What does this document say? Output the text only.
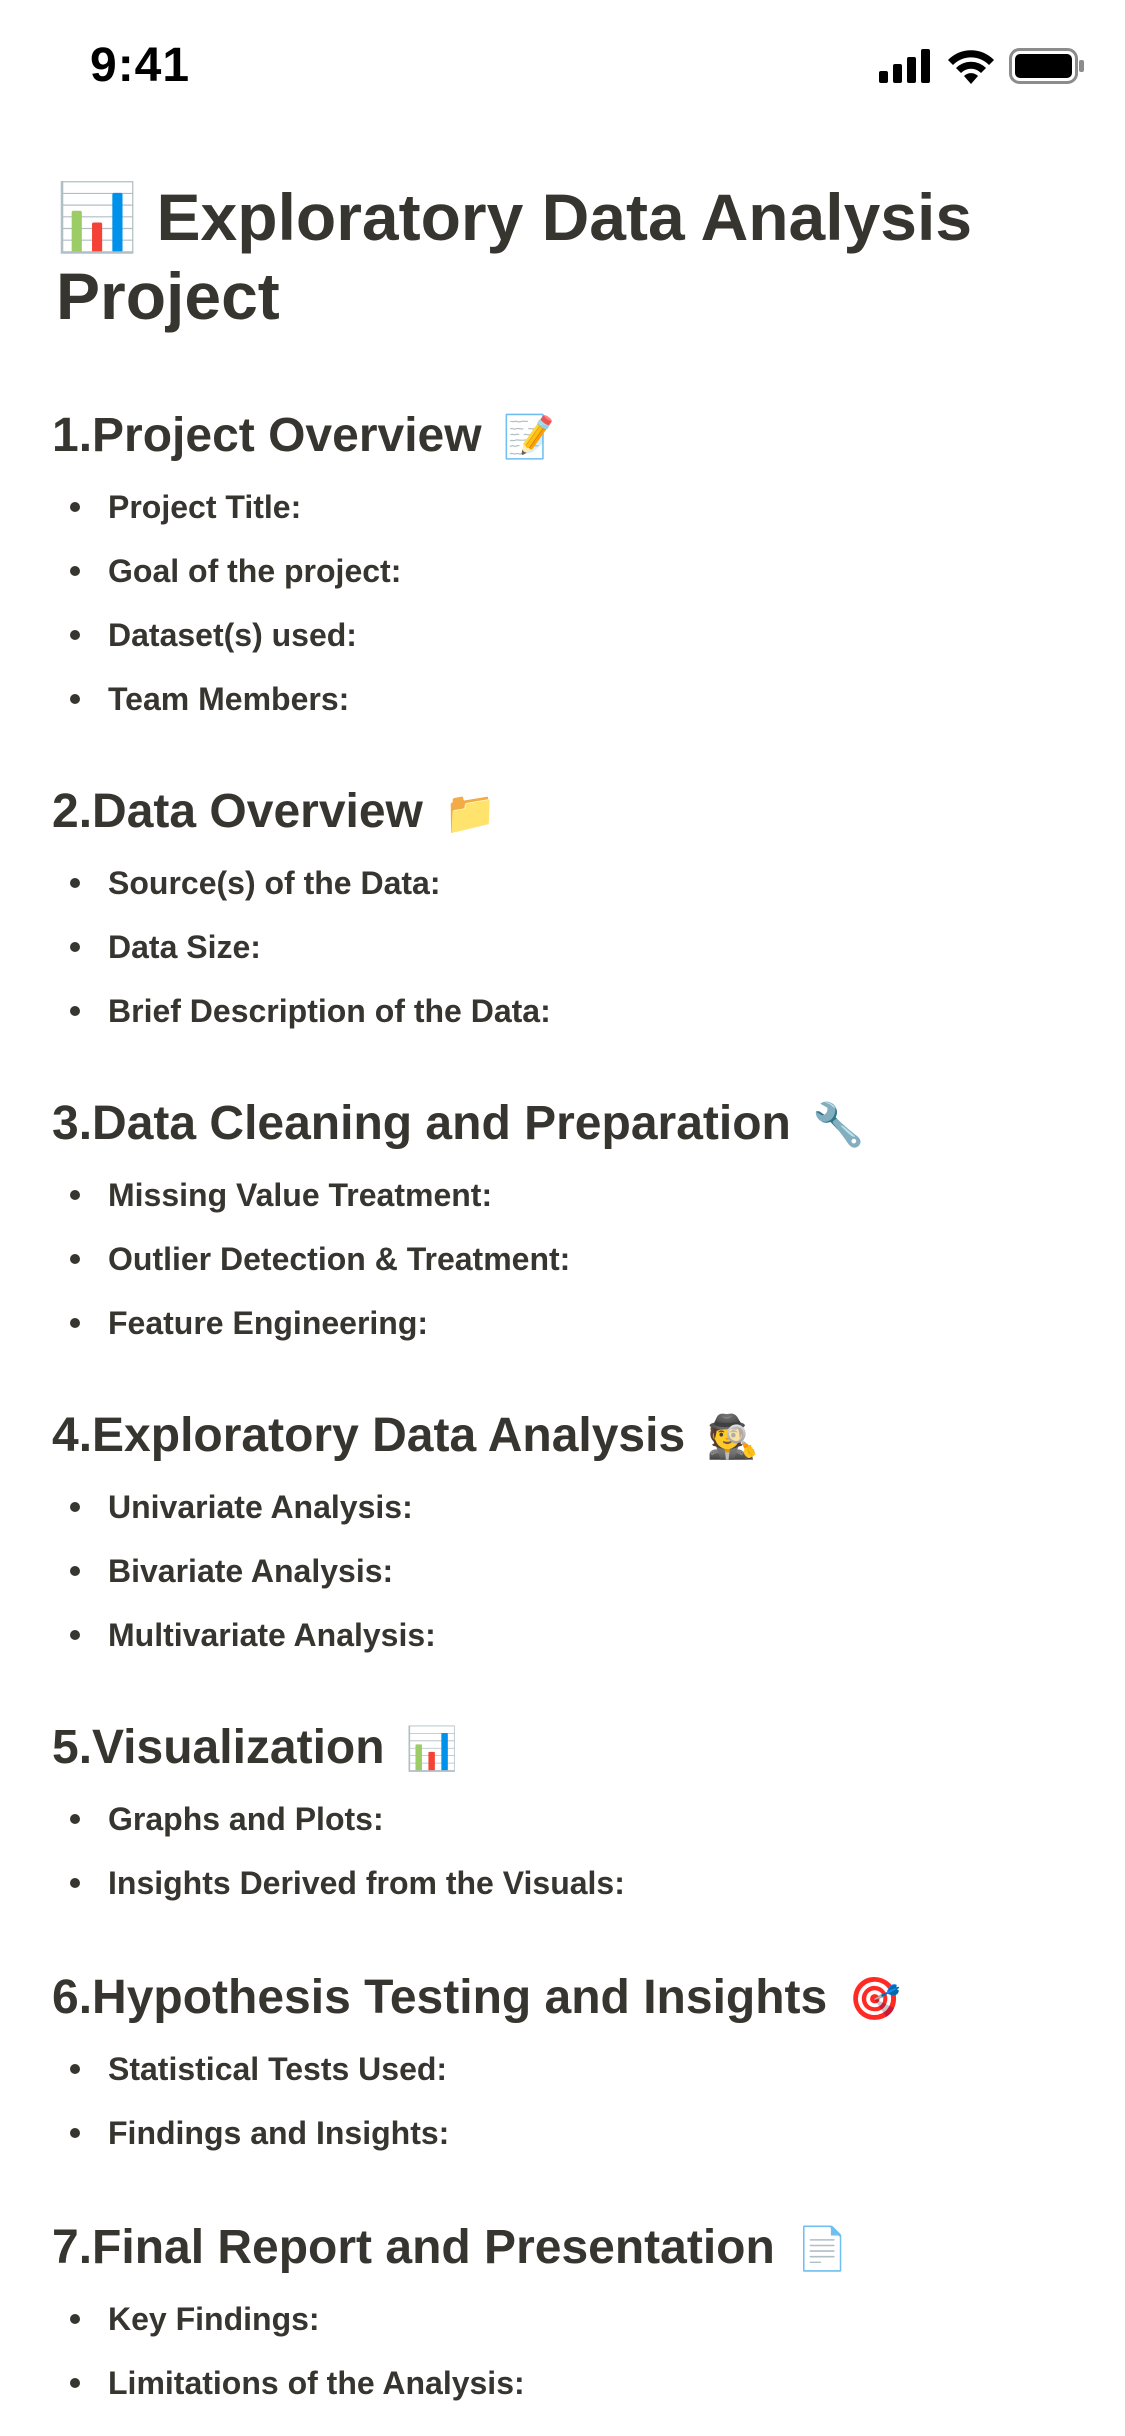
9:41
📊 Exploratory Data Analysis Project
1.Project Overview 📝
Project Title:
Goal of the project:
Dataset(s) used:
Team Members:
2.Data Overview 📁
Source(s) of the Data:
Data Size:
Brief Description of the Data:
3.Data Cleaning and Preparation 🔧
Missing Value Treatment:
Outlier Detection & Treatment:
Feature Engineering:
4.Exploratory Data Analysis 🕵️
Univariate Analysis:
Bivariate Analysis:
Multivariate Analysis:
5.Visualization 📊
Graphs and Plots:
Insights Derived from the Visuals:
6.Hypothesis Testing and Insights 🎯
Statistical Tests Used:
Findings and Insights:
7.Final Report and Presentation 📄
Key Findings:
Limitations of the Analysis:
